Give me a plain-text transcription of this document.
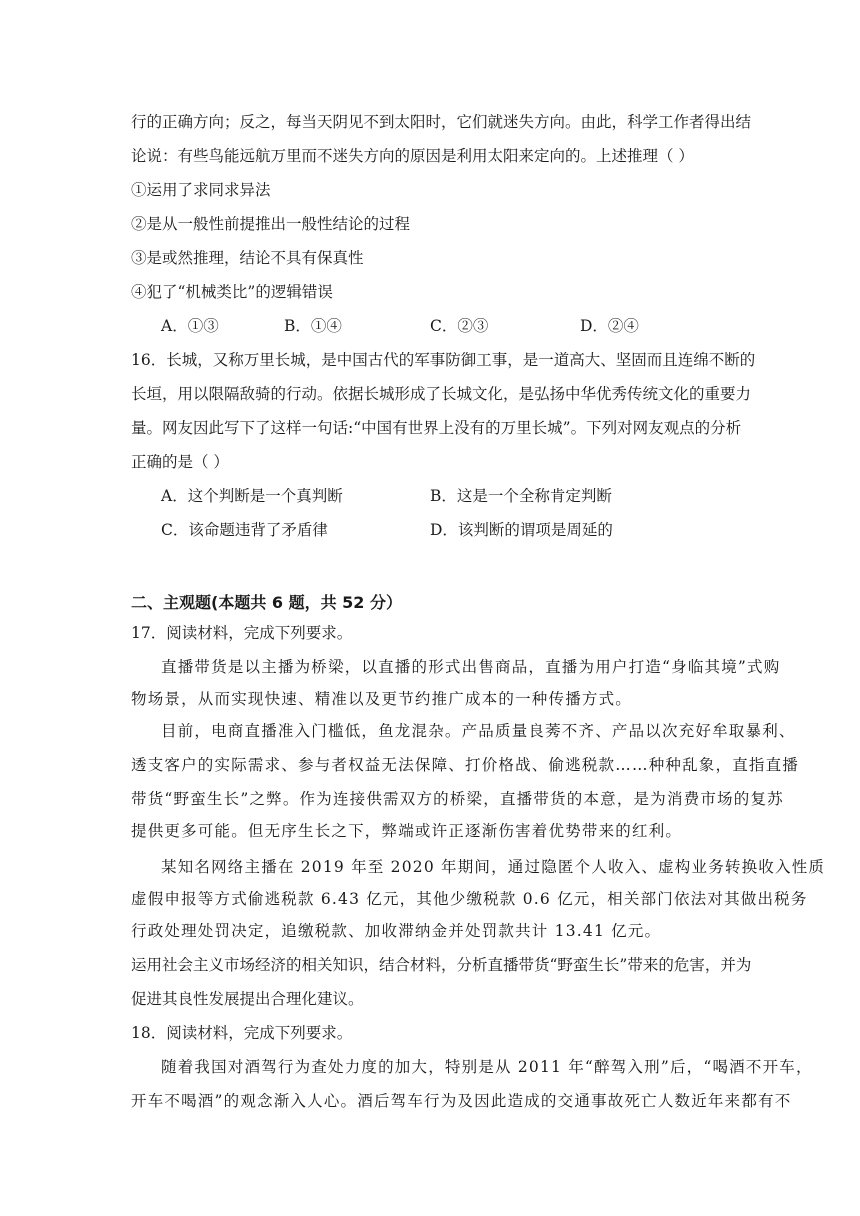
行的正确方向；反之，每当天阴见不到太阳时，它们就迷失方向。由此，科学工作者得出结
论说：有些鸟能远航万里而不迷失方向的原因是利用太阳来定向的。上述推理（ ）
①运用了求同求异法
②是从一般性前提推出一般性结论的过程
③是或然推理，结论不具有保真性
④犯了“机械类比”的逻辑错误
A．①③	B．①④	C．②③	D．②④
16．长城，又称万里长城，是中国古代的军事防御工事，是一道高大、坚固而且连绵不断的
长垣，用以限隔敌骑的行动。依据长城形成了长城文化，是弘扬中华优秀传统文化的重要力
量。网友因此写下了这样一句话:“中国有世界上没有的万里长城”。下列对网友观点的分析
正确的是（ ）
A．这个判断是一个真判断	B．这是一个全称肯定判断
C．该命题违背了矛盾律	D．该判断的谓项是周延的
二、主观题(本题共 6 题，共 52 分）
17．阅读材料，完成下列要求。
直播带货是以主播为桥梁，以直播的形式出售商品，直播为用户打造“身临其境”式购
物场景，从而实现快速、精准以及更节约推广成本的一种传播方式。
目前，电商直播准入门槛低，鱼龙混杂。产品质量良莠不齐、产品以次充好牟取暴利、
透支客户的实际需求、参与者权益无法保障、打价格战、偷逃税款……种种乱象，直指直播
带货“野蛮生长”之弊。作为连接供需双方的桥梁，直播带货的本意，是为消费市场的复苏
提供更多可能。但无序生长之下，弊端或许正逐渐伤害着优势带来的红利。
某知名网络主播在 2019 年至 2020 年期间，通过隐匿个人收入、虚构业务转换收入性质
虚假申报等方式偷逃税款 6.43 亿元，其他少缴税款 0.6 亿元，相关部门依法对其做出税务
行政处理处罚决定，追缴税款、加收滞纳金并处罚款共计 13.41 亿元。
运用社会主义市场经济的相关知识，结合材料，分析直播带货“野蛮生长”带来的危害，并为
促进其良性发展提出合理化建议。
18．阅读材料，完成下列要求。
随着我国对酒驾行为查处力度的加大，特别是从 2011 年“醉驾入刑”后，“喝酒不开车，
开车不喝酒”的观念渐入人心。酒后驾车行为及因此造成的交通事故死亡人数近年来都有不
